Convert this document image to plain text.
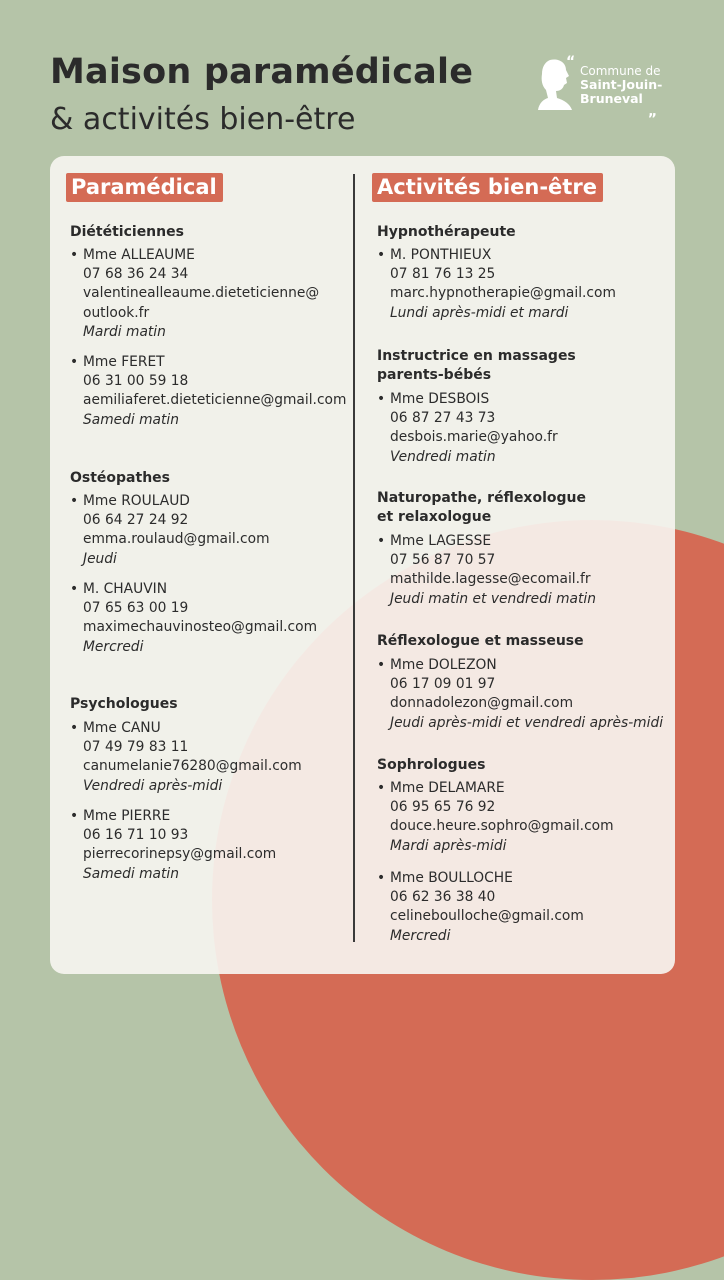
Maison paramédicale
& activités bien-être
“
Commune de
Saint-Jouin-
Bruneval
„
Paramédical

Diététiciennes

• Mme ALLEAUME
07 68 36 24 34
valentinealleaume.dieteticienne@
outlook.fr
Mardi matin
• Mme FERET
06 31 00 59 18
aemiliaferet.dieteticienne@gmail.com
Samedi matin

Ostéopathes

• Mme ROULAUD
06 64 27 24 92
emma.roulaud@gmail.com
Jeudi
• M. CHAUVIN
07 65 63 00 19
maximechauvinosteo@gmail.com
Mercredi

Psychologues

• Mme CANU
07 49 79 83 11
canumelanie76280@gmail.com
Vendredi après-midi
• Mme PIERRE
06 16 71 10 93
pierrecorinepsy@gmail.com
Samedi matin
Activités bien-être

Hypnothérapeute

• M. PONTHIEUX
07 81 76 13 25
marc.hypnotherapie@gmail.com
Lundi après-midi et mardi

Instructrice en massages

parents-bébés

• Mme DESBOIS
06 87 27 43 73
desbois.marie@yahoo.fr
Vendredi matin

Naturopathe, réflexologue

et relaxologue

• Mme LAGESSE
07 56 87 70 57
mathilde.lagesse@ecomail.fr
Jeudi matin et vendredi matin

Réflexologue et masseuse

• Mme DOLEZON
06 17 09 01 97
donnadolezon@gmail.com
Jeudi après-midi et vendredi après-midi

Sophrologues

• Mme DELAMARE
06 95 65 76 92
douce.heure.sophro@gmail.com
Mardi après-midi
• Mme BOULLOCHE
06 62 36 38 40
celineboulloche@gmail.com
Mercredi
